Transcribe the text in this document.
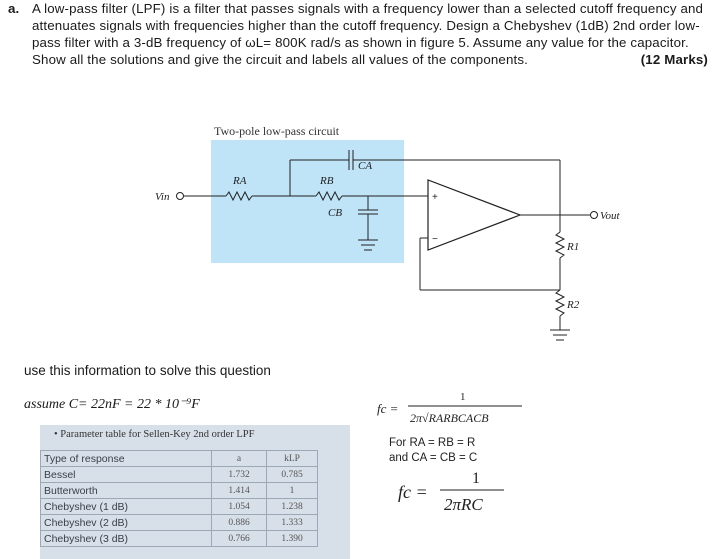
a. A low-pass filter (LPF) is a filter that passes signals with a frequency lower than a selected cutoff frequency and attenuates signals with frequencies higher than the cutoff frequency. Design a Chebyshev (1dB) 2nd order low-pass filter with a 3-dB frequency of ωL= 800K rad/s as shown in figure 5. Assume any value for the capacitor. Show all the solutions and give the circuit and labels all values of the components.	(12 Marks)
Two-pole low-pass circuit
Vin
RA	RB
CA
CB
R1
R2
Vout
+
−
use this information to solve this question
assume C= 22nF = 22 * 10⁻⁹F	fc =
1
2π√RARBCACB
For RA = RB = R
and CA = CB = C
fc =
1
2πRC
• Parameter table for Sellen-Key 2nd order LPF
Type of response	a	kLP
Bessel	1.732	0.785
Butterworth	1.414	1
Chebyshev (1 dB)	1.054	1.238
Chebyshev (2 dB)	0.886	1.333
Chebyshev (3 dB)	0.766	1.390
